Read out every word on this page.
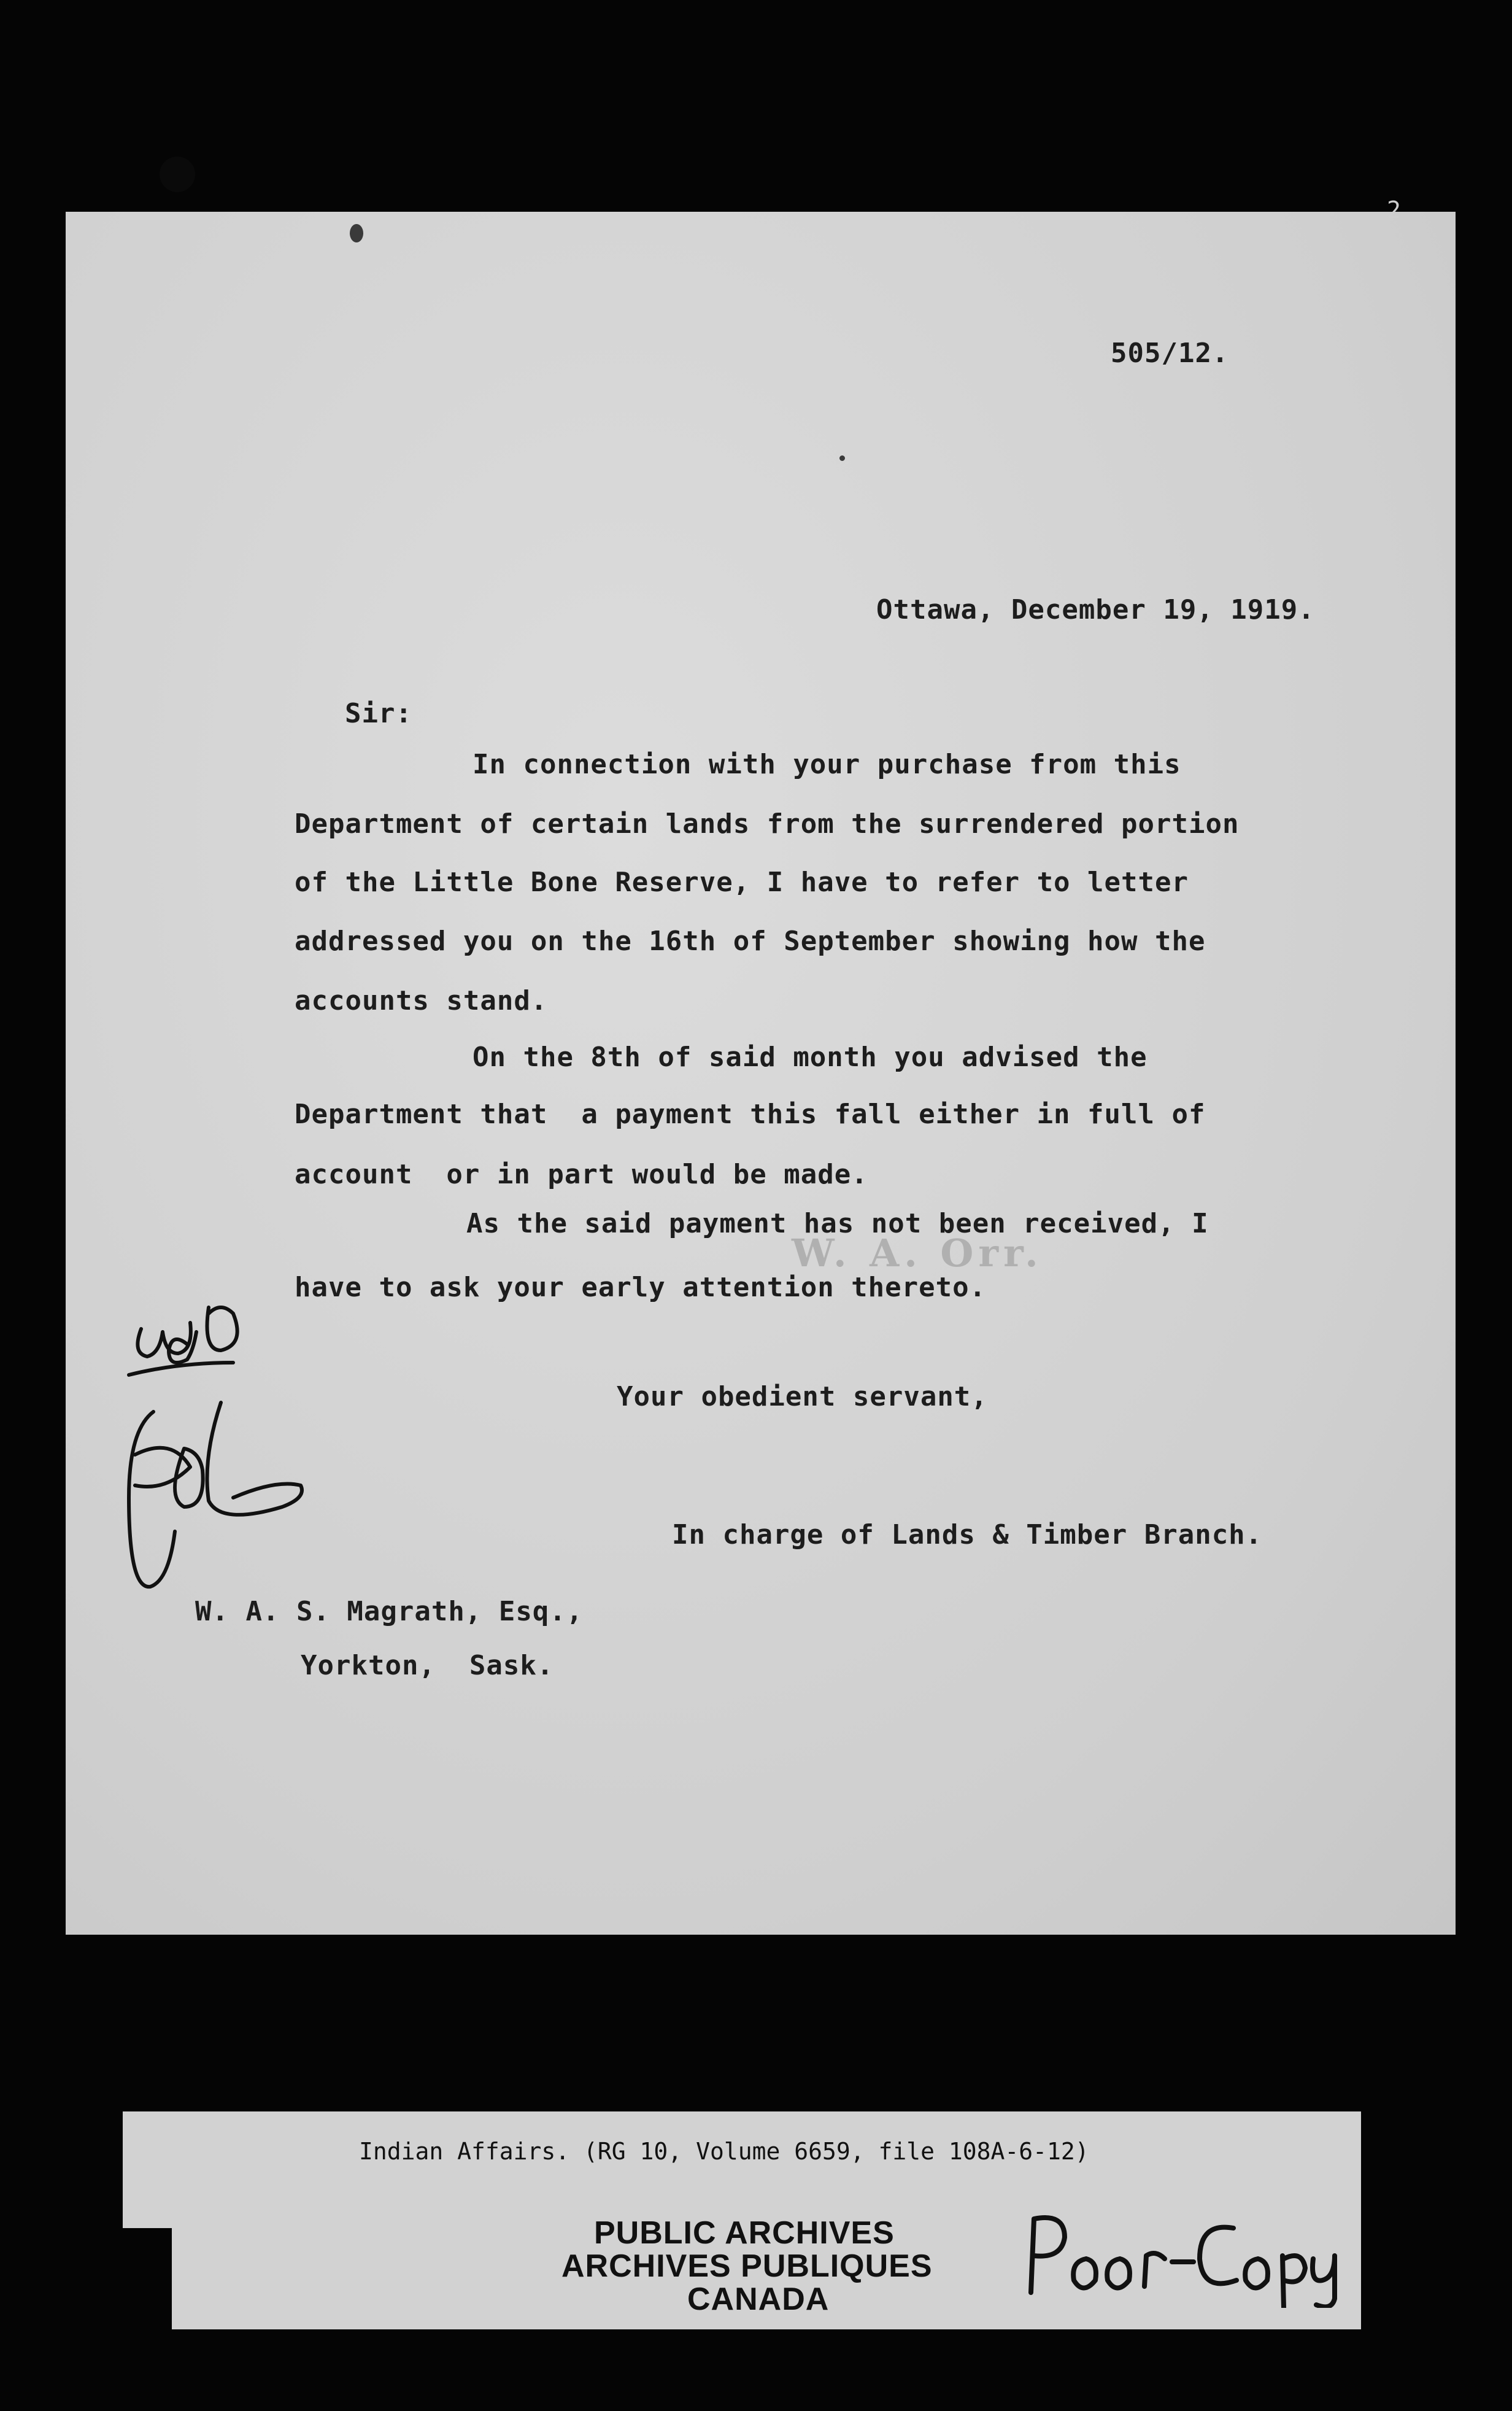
2
505/12.
Ottawa, December 19, 1919.
Sir:
In connection with your purchase from this
Department of certain lands from the surrendered portion
of the Little Bone Reserve, I have to refer to letter
addressed you on the 16th of September showing how the
accounts stand.
On the 8th of said month you advised the
Department that  a payment this fall either in full of
account  or in part would be made.
As the said payment has not been received, I
have to ask your early attention thereto.
Your obedient servant,
W. A. Orr.
In charge of Lands & Timber Branch.
W. A. S. Magrath, Esq.,
Yorkton,  Sask.
Indian Affairs. (RG 10, Volume 6659, file 108A-6-12)
PUBLIC ARCHIVES
ARCHIVES PUBLIQUES
CANADA
